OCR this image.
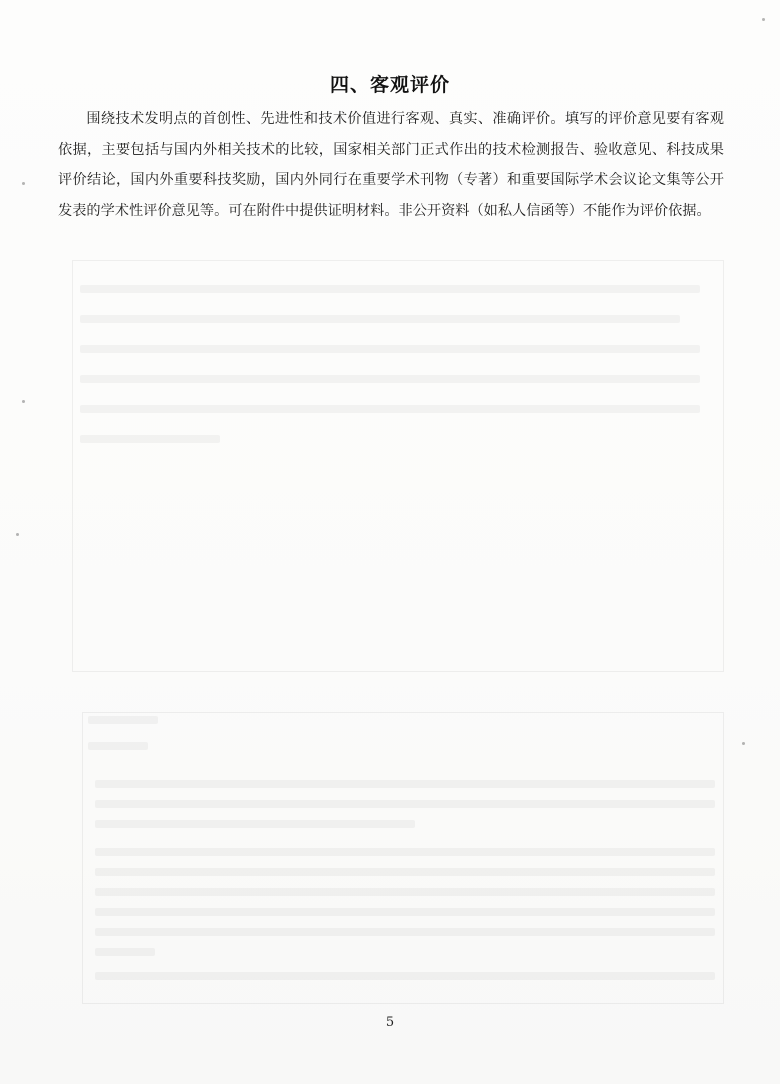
四、客观评价

围绕技术发明点的首创性、先进性和技术价值进行客观、真实、准确评价。填写的评价意见要有客观依据，主要包括与国内外相关技术的比较，国家相关部门正式作出的技术检测报告、验收意见、科技成果评价结论，国内外重要科技奖励，国内外同行在重要学术刊物（专著）和重要国际学术会议论文集等公开发表的学术性评价意见等。可在附件中提供证明材料。非公开资料（如私人信函等）不能作为评价依据。

5
